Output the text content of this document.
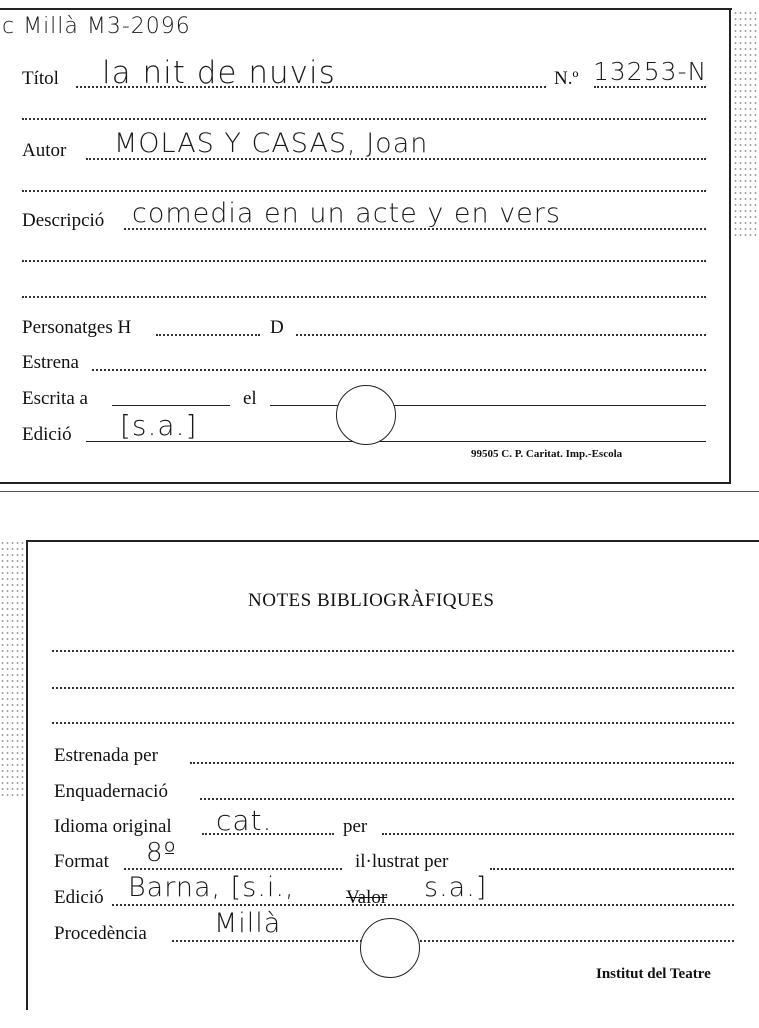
c Millà M3-2096
Títol la nit de nuvis	N.º 13253-N
Autor MOLAS Y CASAS, Joan
Descripció comedia en un acte y en vers
Personatges H	D
Estrena
Escrita a	el
Edició [s.a.]
99505 C. P. Caritat. Imp.-Escola
NOTES BIBLIOGRÀFIQUES
Estrenada per
Enquadernació
Idioma original cat.	per
Format 8º	il·lustrat per
Edició Barna, [s.i.,	Valor s.a.]
Procedència Millà
Institut del Teatre
